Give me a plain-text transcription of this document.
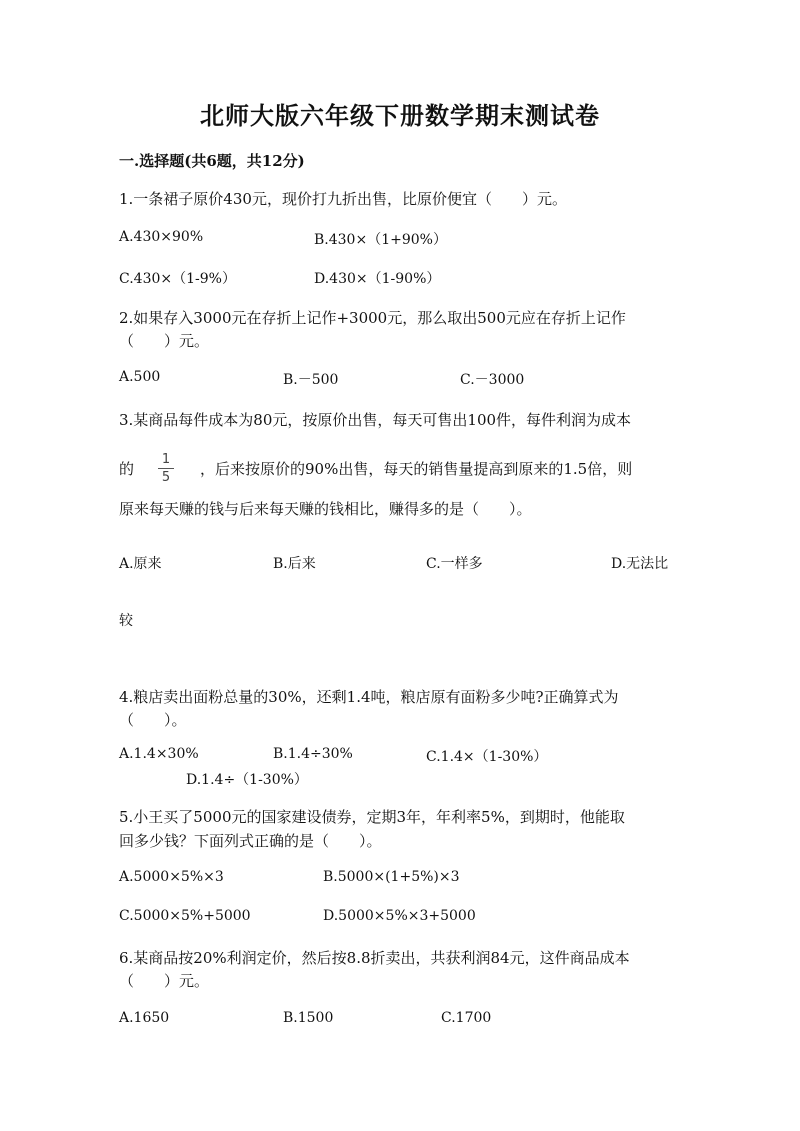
北师大版六年级下册数学期末测试卷
一.选择题(共6题，共12分)
1.一条裙子原价430元，现价打九折出售，比原价便宜（　　）元。
A.430×90%	B.430×（1+90%）
C.430×（1-9%）	D.430×（1-90%）
2.如果存入3000元在存折上记作+3000元，那么取出500元应在存折上记作
（　　）元。
A.500	B.－500	C.－3000
3.某商品每件成本为80元，按原价出售，每天可售出100件，每件利润为成本
的
1
5 ，后来按原价的90%出售，每天的销售量提高到原来的1.5倍，则
原来每天赚的钱与后来每天赚的钱相比，赚得多的是（　　）。
A.原来	B.后来	C.一样多	D.无法比
较
4.粮店卖出面粉总量的30%，还剩1.4吨，粮店原有面粉多少吨?正确算式为
（　　）。
A.1.4×30%	B.1.4÷30%	C.1.4×（1-30%）
D.1.4÷（1-30%）
5.小王买了5000元的国家建设债券，定期3年，年利率5%，到期时，他能取
回多少钱？下面列式正确的是（　　）。
A.5000×5%×3	B.5000×(1+5%)×3
C.5000×5%+5000	D.5000×5%×3+5000
6.某商品按20%利润定价，然后按8.8折卖出，共获利润84元，这件商品成本
（　　）元。
A.1650	B.1500	C.1700
